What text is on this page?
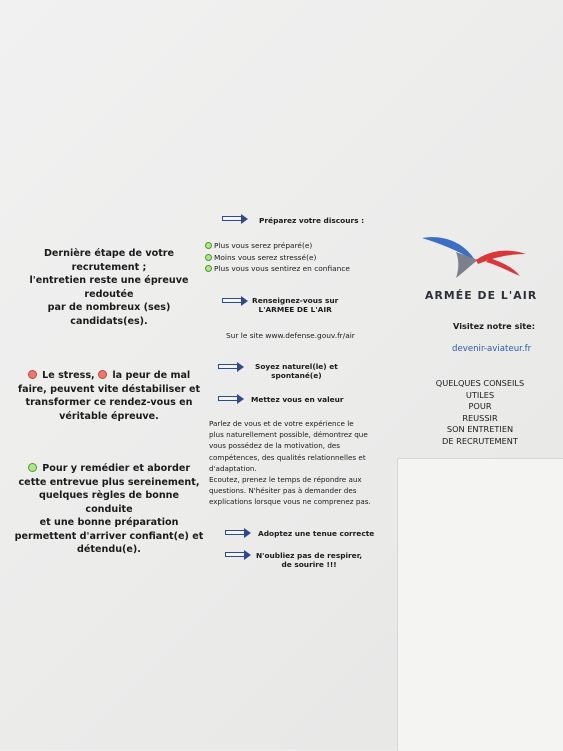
Dernière étape de votre
recrutement ;
l'entretien reste une épreuve
redoutée
par de nombreux (ses)
candidats(es).
Le stress, la peur de mal
faire, peuvent vite déstabiliser et
transformer ce rendez-vous en
véritable épreuve.
Pour y remédier et aborder
cette entrevue plus sereinement,
quelques règles de bonne conduite
et une bonne préparation
permettent d'arriver confiant(e) et
détendu(e).
Préparez votre discours :
Plus vous serez préparé(e)
Moins vous serez stressé(e)
Plus vous vous sentirez en confiance
Renseignez-vous sur
L'ARMEE DE L'AIR
Sur le site www.defense.gouv.fr/air
Soyez naturel(le) et
spontané(e)
Mettez vous en valeur
Parlez de vous et de votre expérience le
plus naturellement possible, démontrez que
vous possédez de la motivation, des
compétences, des qualités relationnelles et
d'adaptation.
Ecoutez, prenez le temps de répondre aux
questions. N'hésiter pas à demander des
explications lorsque vous ne comprenez pas.
Adoptez une tenue correcte
N'oubliez pas de respirer,
de sourire !!!
ARMÉE DE L'AIR
Visitez notre site:
devenir-aviateur.fr
QUELQUES CONSEILS UTILES
POUR
REUSSIR
SON ENTRETIEN
DE RECRUTEMENT
